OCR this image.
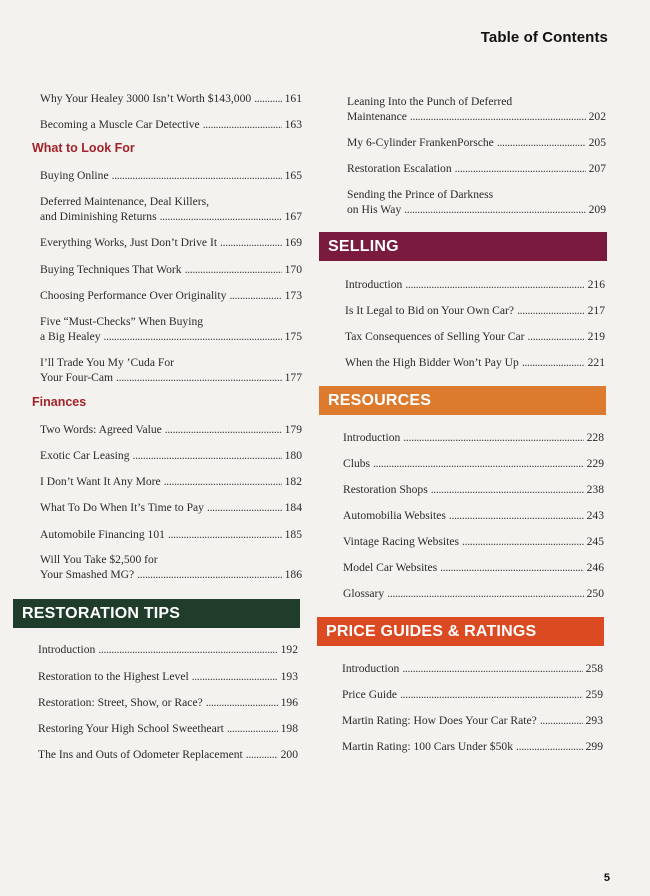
Table of Contents
5
Why Your Healey 3000 Isn’t Worth $143,000 . . .	161
Becoming a Muscle Car Detective . . .	163
What to Look For
Buying Online . . .	165
Deferred Maintenance, Deal Killers,
and Diminishing Returns . . .	167
Everything Works, Just Don’t Drive It . . .	169
Buying Techniques That Work . . .	170
Choosing Performance Over Originality . . .	173
Five “Must-Checks” When Buying
a Big Healey . . .	175
I’ll Trade You My ’Cuda For
Your Four-Cam . . .	177
Finances
Two Words: Agreed Value . . .	179
Exotic Car Leasing . . .	180
I Don’t Want It Any More . . .	182
What To Do When It’s Time to Pay . . .	184
Automobile Financing 101 . . .	185
Will You Take $2,500 for
Your Smashed MG? . . .	186
RESTORATION TIPS
Introduction . . .	192
Restoration to the Highest Level . . .	193
Restoration: Street, Show, or Race? . . .	196
Restoring Your High School Sweetheart . . .	198
The Ins and Outs of Odometer Replacement . . .	200
Leaning Into the Punch of Deferred
Maintenance . . .	202
My 6-Cylinder FrankenPorsche . . .	205
Restoration Escalation . . .	207
Sending the Prince of Darkness
on His Way . . .	209
SELLING
Introduction . . .	216
Is It Legal to Bid on Your Own Car? . . .	217
Tax Consequences of Selling Your Car . . .	219
When the High Bidder Won’t Pay Up . . .	221
RESOURCES
Introduction . . .	228
Clubs . . .	229
Restoration Shops . . .	238
Automobilia Websites . . .	243
Vintage Racing Websites . . .	245
Model Car Websites . . .	246
Glossary . . .	250
PRICE GUIDES & RATINGS
Introduction . . .	258
Price Guide . . .	259
Martin Rating: How Does Your Car Rate? . . .	293
Martin Rating: 100 Cars Under $50k . . .	299
